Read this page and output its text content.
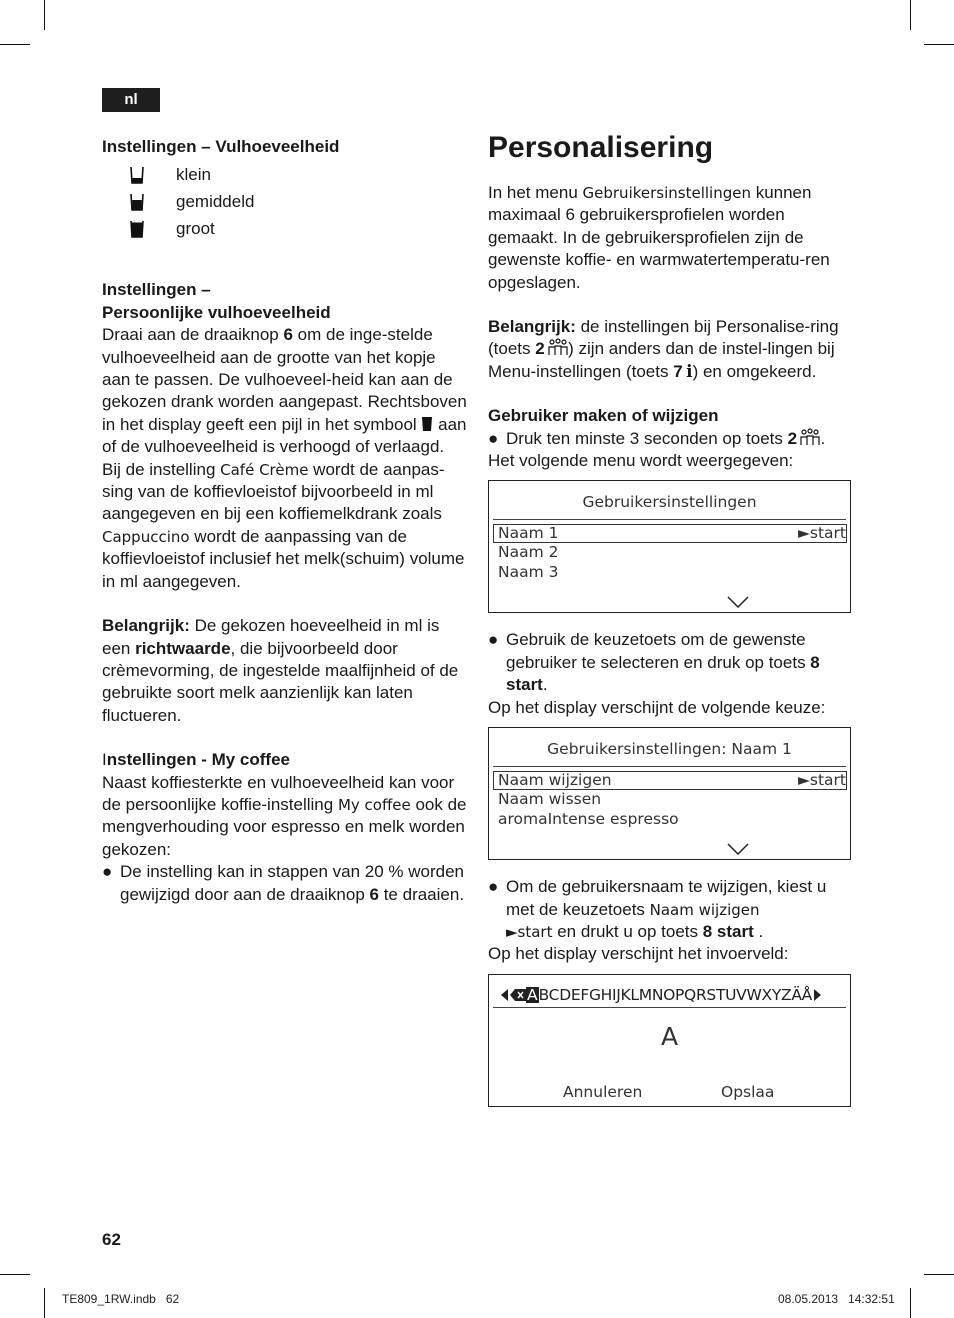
nl
Instellingen – Vulhoeveelheid
klein
gemiddeld
groot
Instellingen –
Persoonlijke vulhoeveelheid

Draai aan de draaiknop 6 om de inge-stelde vulhoeveelheid aan de grootte van het kopje aan te passen. De vulhoeveel-heid kan aan de gekozen drank worden aangepast. Rechtsboven in het display geeft een pijl in het symbool  aan of de vulhoeveelheid is verhoogd of verlaagd. Bij de instelling Café Crème wordt de aanpas-sing van de koffievloeistof bijvoorbeeld in ml aangegeven en bij een koffiemelkdrank zoals Cappuccino wordt de aanpassing van de koffievloeistof inclusief het melk(schuim) volume in ml aangegeven.

Belangrijk: De gekozen hoeveelheid in ml is een richtwaarde, die bijvoorbeeld door crèmevorming, de ingestelde maalfijnheid of de gebruikte soort melk aanzienlijk kan laten fluctueren.

Instellingen - My coffee

Naast koffiesterkte en vulhoeveelheid kan voor de persoonlijke koffie-instelling My coffee ook de mengverhouding voor espresso en melk worden gekozen:

● De instelling kan in stappen van 20 % worden gewijzigd door aan de draaiknop 6 te draaien.
Personalisering

In het menu Gebruikersinstellingen kunnen maximaal 6 gebruikersprofielen worden gemaakt. In de gebruikersprofielen zijn de gewenste koffie- en warmwatertemperatu-ren opgeslagen.

Belangrijk: de instellingen bij Personalise-ring (toets 2  ) zijn anders dan de instel-lingen bij Menu-instellingen (toets 7  i) en omgekeerd.

Gebruiker maken of wijzigen
● Druk ten minste 3 seconden op toets 2  .

Het volgende menu wordt weergegeven:

Gebruikersinstellingen
Naam 1	►start
Naam 2
Naam 3
● Gebruik de keuzetoets om de gewenste gebruiker te selecteren en druk op toets 8 start.

Op het display verschijnt de volgende keuze:

Gebruikersinstellingen: Naam 1
Naam wijzigen	►start
Naam wissen
aromaIntense espresso
● Om de gebruikersnaam te wijzigen, kiest u met de keuzetoets Naam wijzigen
►start en drukt u op toets 8 start .

Op het display verschijnt het invoerveld:

A BCDEFGHIJKLMNOPQRSTUVWXYZÄÅ
A
Annuleren	Opslaa
62
TE809_1RW.indb   62	08.05.2013   14:32:51
